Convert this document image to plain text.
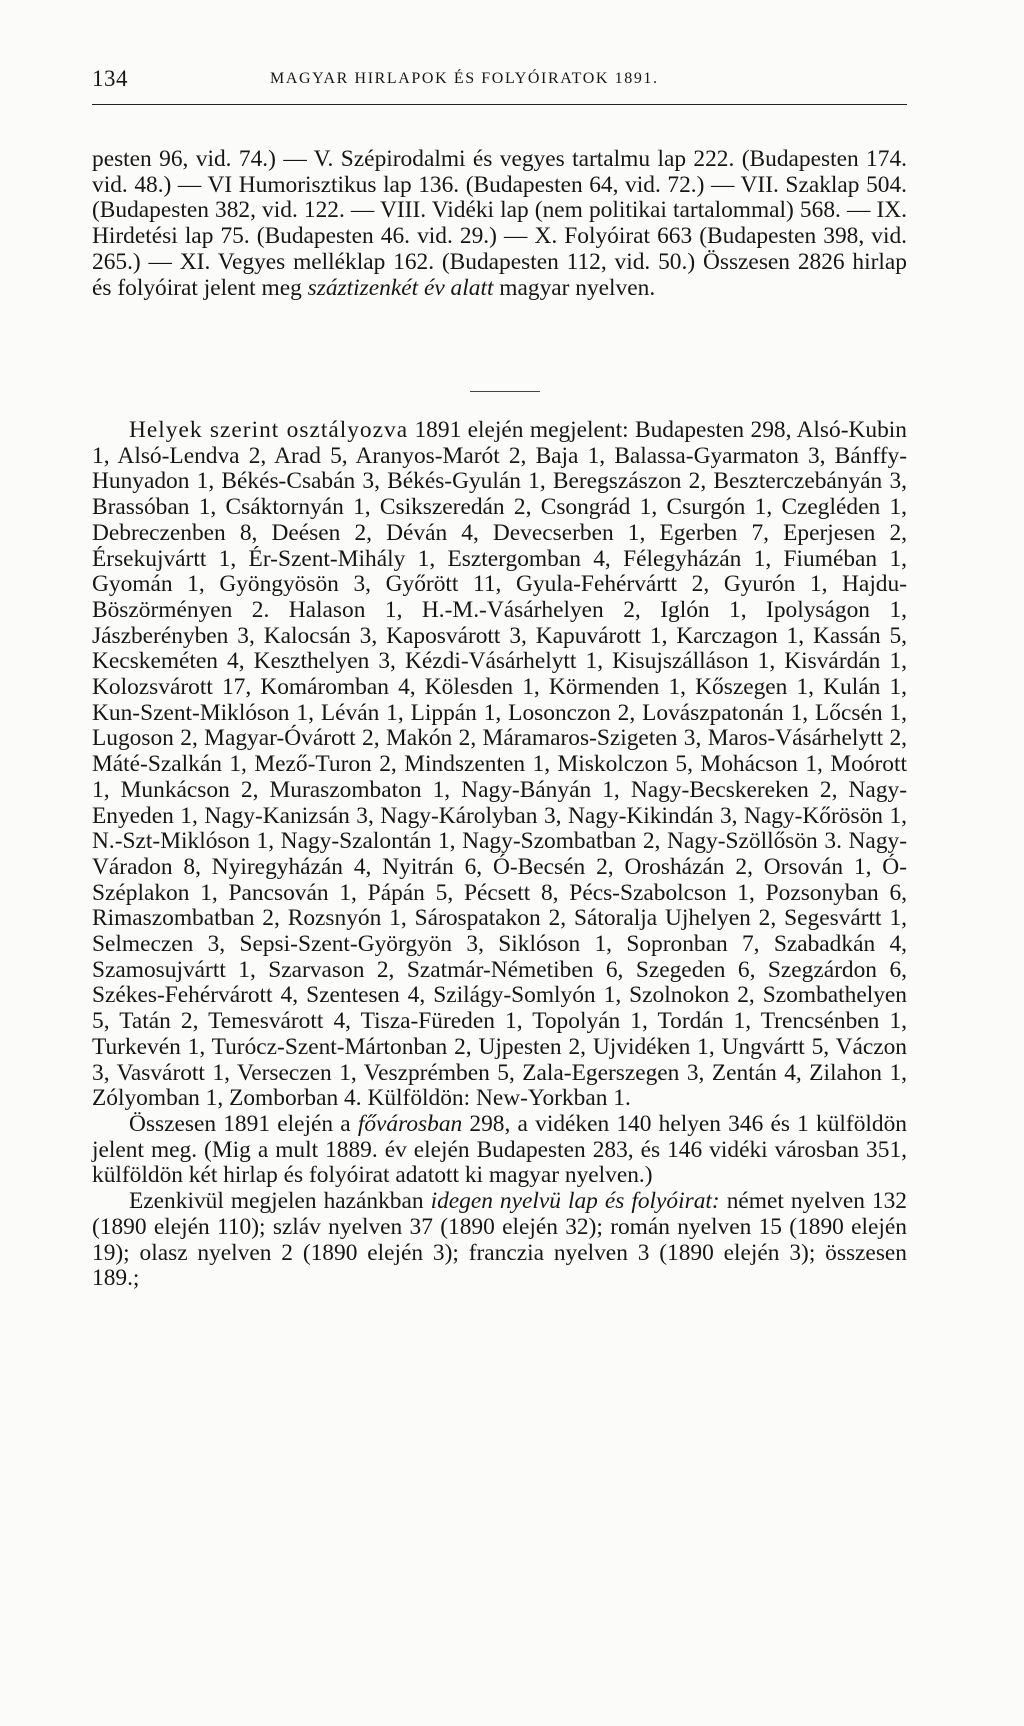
134	MAGYAR HIRLAPOK ÉS FOLYÓIRATOK 1891.

pesten 96, vid. 74.) — V. Szépirodalmi és vegyes tartalmu lap 222. (Budapesten 174. vid. 48.) — VI Humorisztikus lap 136. (Budapesten 64, vid. 72.) — VII. Szaklap 504. (Budapesten 382, vid. 122. — VIII. Vidéki lap (nem politikai tartalommal) 568. — IX. Hirdetési lap 75. (Budapesten 46. vid. 29.) — X. Folyóirat 663 (Budapesten 398, vid. 265.) — XI. Vegyes melléklap 162. (Budapesten 112, vid. 50.) Összesen 2826 hirlap és folyóirat jelent meg száztizenkét év alatt magyar nyelven.

Helyek szerint osztályozva 1891 elején megjelent: Budapesten 298, Alsó-Kubin 1, Alsó-Lendva 2, Arad 5, Aranyos-Marót 2, Baja 1, Balassa-Gyarmaton 3, Bánffy-Hunyadon 1, Békés-Csabán 3, Békés-Gyulán 1, Beregszászon 2, Beszterczebányán 3, Brassóban 1, Csáktornyán 1, Csikszeredán 2, Csongrád 1, Csurgón 1, Czegléden 1, Debreczenben 8, Deésen 2, Déván 4, Devecserben 1, Egerben 7, Eperjesen 2, Érsekujvártt 1, Ér-Szent-Mihály 1, Esztergomban 4, Félegyházán 1, Fiuméban 1, Gyomán 1, Gyöngyösön 3, Győrött 11, Gyula-Fehérvártt 2, Gyurón 1, Hajdu-Böszörményen 2. Halason 1, H.-M.-Vásárhelyen 2, Iglón 1, Ipolyságon 1, Jászberényben 3, Kalocsán 3, Kaposvárott 3, Kapuvárott 1, Karczagon 1, Kassán 5, Kecskeméten 4, Keszthelyen 3, Kézdi-Vásárhelytt 1, Kisujszálláson 1, Kisvárdán 1, Kolozsvárott 17, Komáromban 4, Kölesden 1, Körmenden 1, Kőszegen 1, Kulán 1, Kun-Szent-Miklóson 1, Léván 1, Lippán 1, Losonczon 2, Lovászpatonán 1, Lőcsén 1, Lugoson 2, Magyar-Óvárott 2, Makón 2, Máramaros-Szigeten 3, Maros-Vásárhelytt 2, Máté-Szalkán 1, Mező-Turon 2, Mindszenten 1, Miskolczon 5, Mohácson 1, Moórott 1, Munkácson 2, Muraszombaton 1, Nagy-Bányán 1, Nagy-Becskereken 2, Nagy-Enyeden 1, Nagy-Kanizsán 3, Nagy-Károlyban 3, Nagy-Kikindán 3, Nagy-Kőrösön 1, N.-Szt-Miklóson 1, Nagy-Szalontán 1, Nagy-Szombatban 2, Nagy-Szöllősön 3. Nagy-Váradon 8, Nyiregyházán 4, Nyitrán 6, Ó-Becsén 2, Orosházán 2, Orsován 1, Ó-Széplakon 1, Pancsován 1, Pápán 5, Pécsett 8, Pécs-Szabolcson 1, Pozsonyban 6, Rimaszombatban 2, Rozsnyón 1, Sárospatakon 2, Sátoralja Ujhelyen 2, Segesvártt 1, Selmeczen 3, Sepsi-Szent-Györgyön 3, Siklóson 1, Sopronban 7, Szabadkán 4, Szamosujvártt 1, Szarvason 2, Szatmár-Németiben 6, Szegeden 6, Szegzárdon 6, Székes-Fehérvárott 4, Szentesen 4, Szilágy-Somlyón 1, Szolnokon 2, Szombathelyen 5, Tatán 2, Temesvárott 4, Tisza-Füreden 1, Topolyán 1, Tordán 1, Trencsénben 1, Turkevén 1, Turócz-Szent-Mártonban 2, Ujpesten 2, Ujvidéken 1, Ungvártt 5, Váczon 3, Vasvárott 1, Verseczen 1, Veszprémben 5, Zala-Egerszegen 3, Zentán 4, Zilahon 1, Zólyomban 1, Zomborban 4. Külföldön: New-Yorkban 1.

Összesen 1891 elején a fővárosban 298, a vidéken 140 helyen 346 és 1 külföldön jelent meg. (Mig a mult 1889. év elején Budapesten 283, és 146 vidéki városban 351, külföldön két hirlap és folyóirat adatott ki magyar nyelven.)

Ezenkivül megjelen hazánkban idegen nyelvü lap és folyóirat: német nyelven 132 (1890 elején 110); szláv nyelven 37 (1890 elején 32); román nyelven 15 (1890 elején 19); olasz nyelven 2 (1890 elején 3); franczia nyelven 3 (1890 elején 3); összesen 189.;
